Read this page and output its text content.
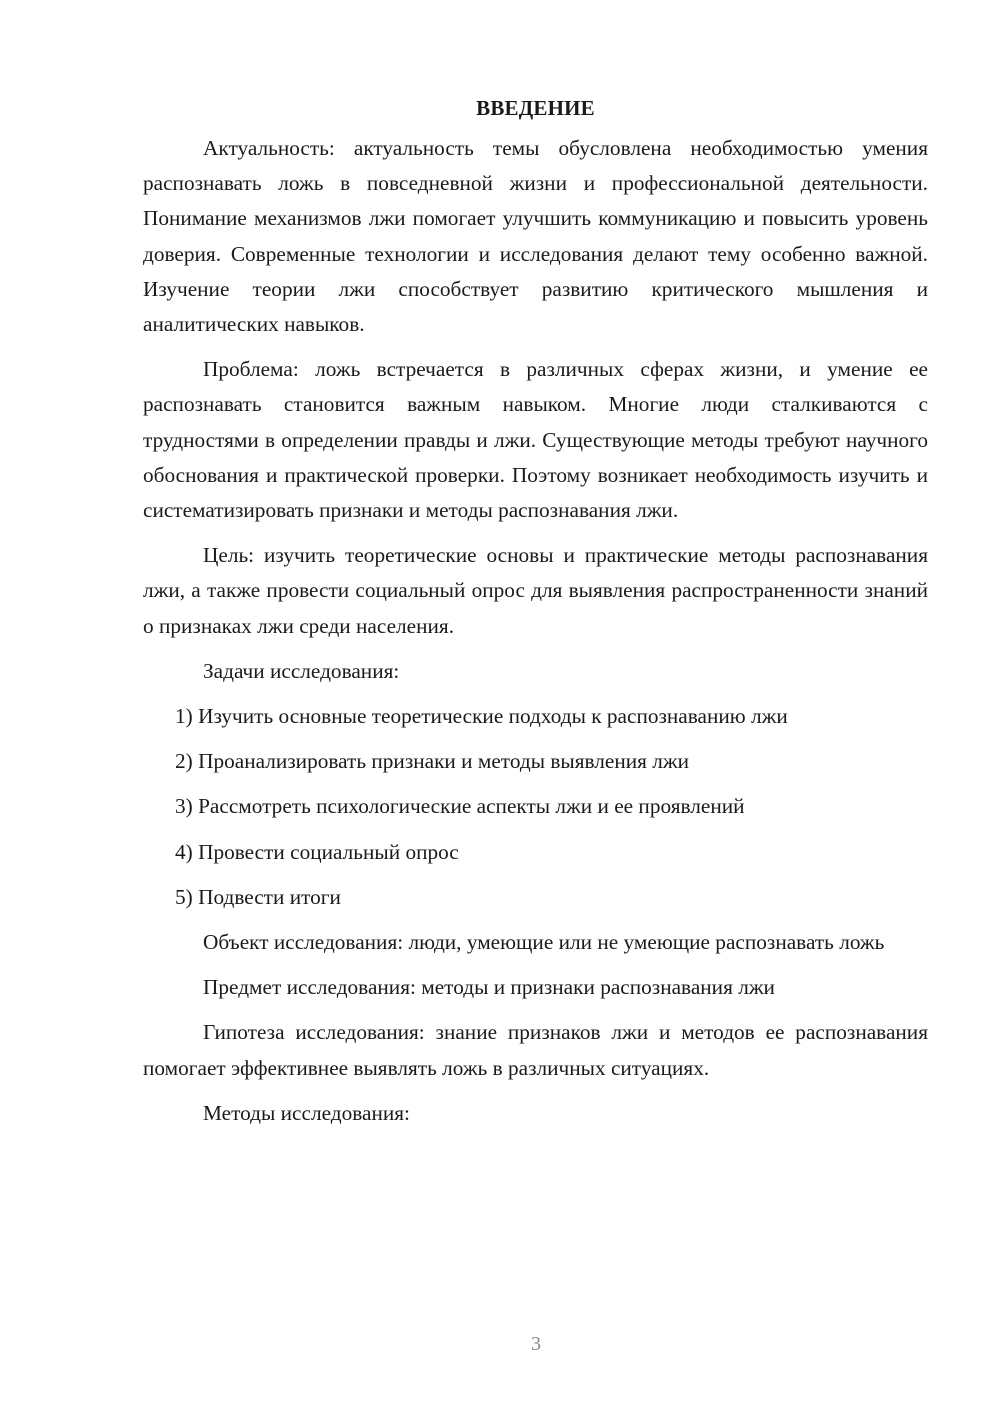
ВВЕДЕНИЕ

Актуальность: актуальность темы обусловлена необходимостью умения распознавать ложь в повседневной жизни и профессиональной деятельности. Понимание механизмов лжи помогает улучшить коммуникацию и повысить уровень доверия. Современные технологии и исследования делают тему особенно важной. Изучение теории лжи способствует развитию критического мышления и аналитических навыков.

Проблема: ложь встречается в различных сферах жизни, и умение ее распознавать становится важным навыком. Многие люди сталкиваются с трудностями в определении правды и лжи. Существующие методы требуют научного обоснования и практической проверки. Поэтому возникает необходимость изучить и систематизировать признаки и методы распознавания лжи.

Цель: изучить теоретические основы и практические методы распознавания лжи, а также провести социальный опрос для выявления распространенности знаний о признаках лжи среди населения.

Задачи исследования:

1) Изучить основные теоретические подходы к распознаванию лжи
2) Проанализировать признаки и методы выявления лжи
3) Рассмотреть психологические аспекты лжи и ее проявлений
4) Провести социальный опрос
5) Подвести итоги

Объект исследования: люди, умеющие или не умеющие распознавать ложь

Предмет исследования: методы и признаки распознавания лжи

Гипотеза исследования: знание признаков лжи и методов ее распознавания помогает эффективнее выявлять ложь в различных ситуациях.

Методы исследования:

3
